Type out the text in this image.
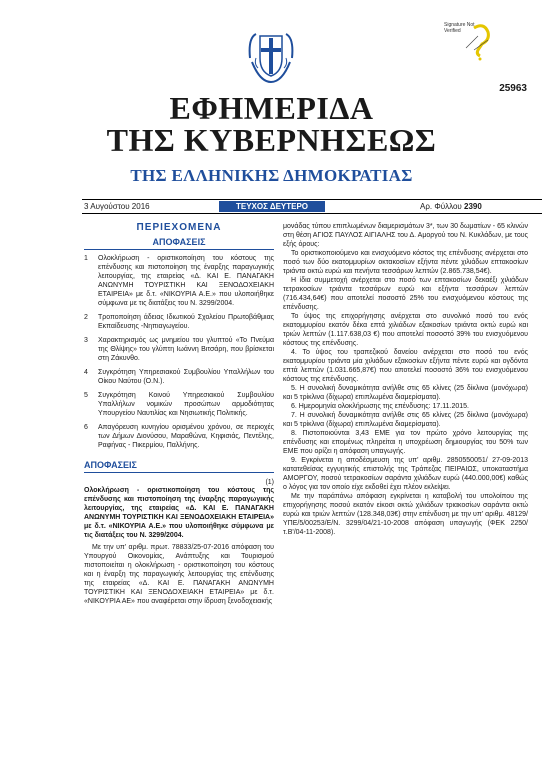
Signature Not
Verified
25963
ΕΦΗΜΕΡΙΔΑ
ΤΗΣ ΚΥΒΕΡΝΗΣΕΩΣ
ΤΗΣ ΕΛΛΗΝΙΚΗΣ ΔΗΜΟΚΡΑΤΙΑΣ
3 Αυγούστου 2016	ΤΕΥΧΟΣ ΔΕΥΤΕΡΟ	Αρ. Φύλλου 2390
ΠΕΡΙΕΧΟΜΕΝΑ
ΑΠΟΦΑΣΕΙΣ
1	Ολοκλήρωση - οριστικοποίηση του κόστους της επένδυσης και πιστοποίηση της έναρξης παραγωγικής λειτουργίας, της εταιρείας «Δ. ΚΑΙ Ε. ΠΑΝΑΓΑΚΗ ΑΝΩΝΥΜΗ ΤΟΥΡΙΣΤΙΚΗ ΚΑΙ ΞΕΝΟΔΟΧΕΙΑΚΗ ΕΤΑΙΡΕΙΑ» με δ.τ. «ΝΙΚΟΥΡΙΑ Α.Ε.» που υλοποιήθηκε σύμφωνα με τις διατάξεις του Ν. 3299/2004.
2	Τροποποίηση άδειας Ιδιωτικού Σχολείου Πρωτοβάθμιας Εκπαίδευσης -Νηπιαγωγείου.
3	Χαρακτηρισμός ως μνημείου του γλυπτού «Το Πνεύμα της Θλίψης» του γλύπτη Ιωάννη Βιτσάρη, που βρίσκεται στη Ζάκυνθο.
4	Συγκρότηση Υπηρεσιακού Συμβουλίου Υπαλλήλων του Οίκου Ναύτου (Ο.Ν.).
5	Συγκρότηση Κοινού Υπηρεσιακού Συμβουλίου Υπαλλήλων νομικών προσώπων αρμοδιότητας Υπουργείου Ναυτιλίας και Νησιωτικής Πολιτικής.
6	Απαγόρευση κυνηγίου ορισμένου χρόνου, σε περιοχές των Δήμων Διονύσου, Μαραθώνα, Κηφισιάς, Πεντέλης, Ραφήνας - Πικερμίου, Παλλήνης.
ΑΠΟΦΑΣΕΙΣ
(1)
Ολοκλήρωση - οριστικοποίηση του κόστους της επένδυσης και πιστοποίηση της έναρξης παραγωγικής λειτουργίας, της εταιρείας «Δ. ΚΑΙ Ε. ΠΑΝΑΓΑΚΗ ΑΝΩΝΥΜΗ ΤΟΥΡΙΣΤΙΚΗ ΚΑΙ ΞΕΝΟΔΟΧΕΙΑΚΗ ΕΤΑΙΡΕΙΑ» με δ.τ. «ΝΙΚΟΥΡΙΑ Α.Ε.» που υλοποιήθηκε σύμφωνα με τις διατάξεις του Ν. 3299/2004.

Με την υπ' αριθμ. πρωτ. 78833/25-07-2016 απόφαση του Υπουργού Οικονομίας, Ανάπτυξης και Τουρισμού πιστοποιείται η ολοκλήρωση - οριστικοποίηση του κόστους και η έναρξη της παραγωγικής λειτουργίας της επένδυσης της εταιρείας «Δ. ΚΑΙ Ε. ΠΑΝΑΓΑΚΗ ΑΝΩΝΥΜΗ ΤΟΥΡΙΣΤΙΚΗ ΚΑΙ ΞΕΝΟΔΟΧΕΙΑΚΗ ΕΤΑΙΡΕΙΑ» με δ.τ. «ΝΙΚΟΥΡΙΑ ΑΕ» που αναφέρεται στην ίδρυση ξενοδοχειακής

μονάδας τύπου επιπλωμένων διαμερισμάτων 3*, των 30 δωματίων - 65 κλινών στη θέση ΑΓΙΟΣ ΠΑΥΛΟΣ ΑΙΓΙΑΛΗΣ του Δ. Αμοργού του Ν. Κυκλάδων, με τους εξής όρους:

Το οριστικοποιούμενο και ενισχυόμενο κόστος της επένδυσης ανέρχεται στο ποσό των δύο εκατομμυρίων οκτακοσίων εξήντα πέντε χιλιάδων επτακοσίων τριάντα οκτώ ευρώ και πενήντα τεσσάρων λεπτών (2.865.738,54€).

Η ίδια συμμετοχή ανέρχεται στο ποσό των επτακοσίων δεκαέξι χιλιάδων τετρακοσίων τριάντα τεσσάρων ευρώ και εξήντα τεσσάρων λεπτών (716.434,64€) που αποτελεί ποσοστό 25% του ενισχυόμενου κόστους της επένδυσης.

Το ύψος της επιχορήγησης ανέρχεται στο συνολικό ποσό του ενός εκατομμυρίου εκατόν δέκα επτά χιλιάδων εξακοσίων τριάντα οκτώ ευρώ και τριών λεπτών (1.117.638,03 €) που αποτελεί ποσοστό 39% του ενισχυόμενου κόστους της επένδυσης.

4. Το ύψος του τραπεζικού δανείου ανέρχεται στο ποσό του ενός εκατομμυρίου τριάντα μία χιλιάδων εξακοσίων εξήντα πέντε ευρώ και ογδόντα επτά λεπτών (1.031.665,87€) που αποτελεί ποσοστό 36% του ενισχυόμενου κόστους της επένδυσης.

5. Η συνολική δυναμικότητα ανήλθε στις 65 κλίνες (25 δίκλινα (μονόχωρα) και 5 τρίκλινα (δίχωρα) επιπλωμένα διαμερίσματα).

6. Ημερομηνία ολοκλήρωσης της επένδυσης: 17.11.2015.

7. Η συνολική δυναμικότητα ανήλθε στις 65 κλίνες (25 δίκλινα (μονόχωρα) και 5 τρίκλινα (δίχωρα) επιπλωμένα διαμερίσματα).

8. Πιστοποιούνται 3,43 ΕΜΕ για τον πρώτο χρόνο λειτουργίας της επένδυσης και επομένως πληρείται η υποχρέωση δημιουργίας του 50% των ΕΜΕ που ορίζει η απόφαση υπαγωγής.

9. Εγκρίνεται η αποδέσμευση της υπ' αριθμ. 2850550051/ 27-09-2013 κατατεθείσας εγγυητικής επιστολής της Τράπεζας ΠΕΙΡΑΙΩΣ, υποκαταστήμα ΑΜΟΡΓΟΥ, ποσού τετρακοσίων σαράντα χιλιάδων ευρώ (440.000,00€) καθώς ο λόγος για τον οποίο είχε εκδοθεί έχει πλέον εκλείψει.

Με την παράπάνω απόφαση εγκρίνεται η καταβολή του υπολοίπου της επιχορήγησης ποσού εκατόν είκοσι οκτώ χιλιάδων τριακοσίων σαράντα οκτώ ευρώ και τριών λεπτών (128.348,03€) στην επένδυση με την υπ' αριθμ. 48129/ΥΠΕ/5/00253/Ε/Ν. 3299/04/21-10-2008 απόφαση υπαγωγής (ΦΕΚ 2250/τ.Β'/04-11-2008).
